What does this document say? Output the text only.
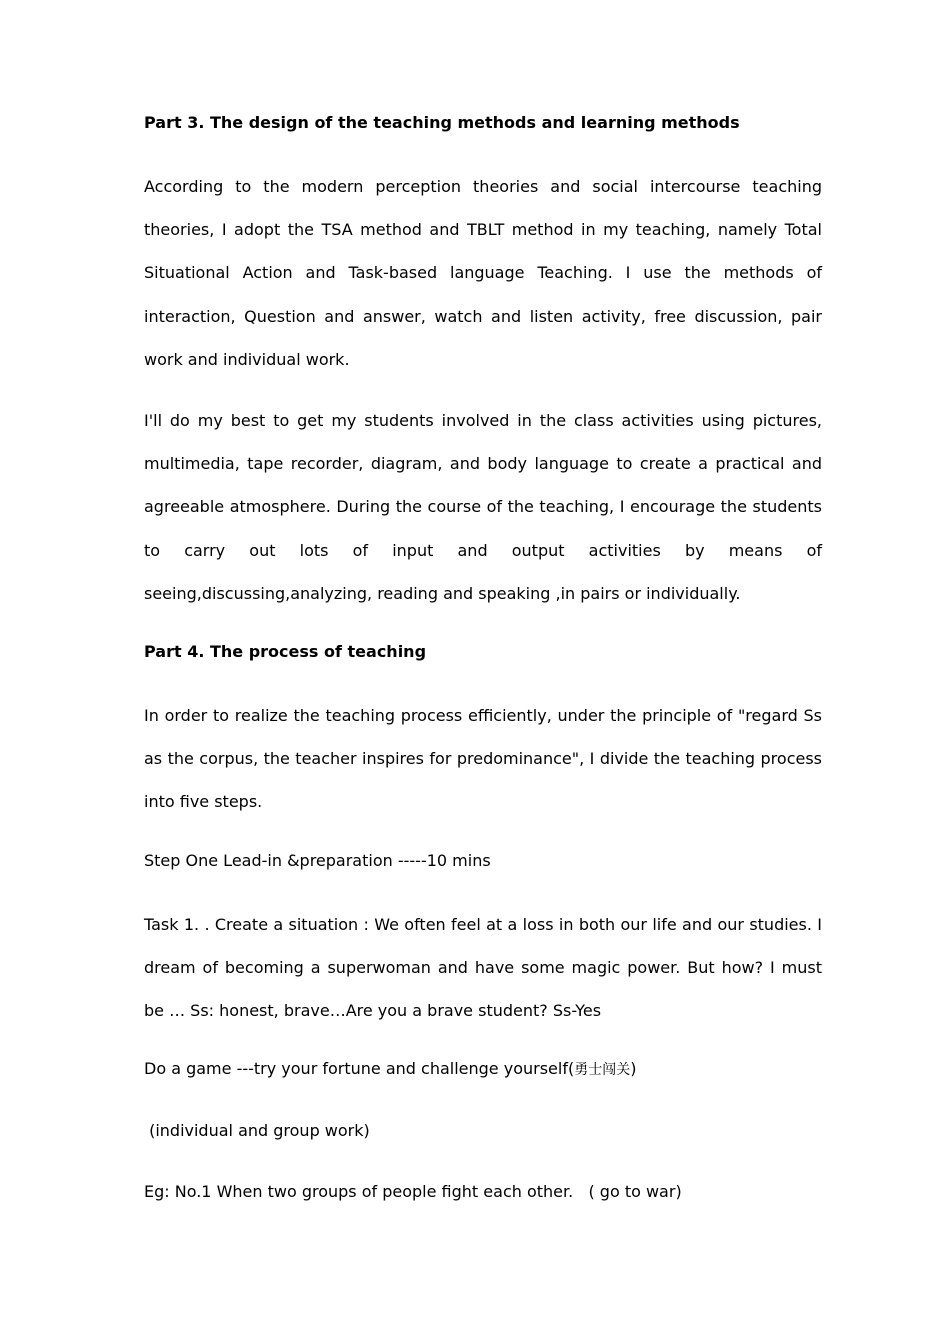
Part 3. The design of the teaching methods and learning methods
According to the modern perception theories and social intercourse teaching theories, I adopt the TSA method and TBLT method in my teaching, namely Total Situational Action and Task-based language Teaching. I use the methods of interaction, Question and answer, watch and listen activity, free discussion, pair work and individual work.
I'll do my best to get my students involved in the class activities using pictures, multimedia, tape recorder, diagram, and body language to create a practical and agreeable atmosphere. During the course of the teaching, I encourage the students to carry out lots of input and output activities by means of seeing,discussing,analyzing, reading and speaking ,in pairs or individually.
Part 4. The process of teaching
In order to realize the teaching process efficiently, under the principle of "regard Ss as the corpus, the teacher inspires for predominance", I divide the teaching process into five steps.
Step One Lead-in &preparation -----10 mins
Task 1. . Create a situation : We often feel at a loss in both our life and our studies. I dream of becoming a superwoman and have some magic power. But how? I must be … Ss: honest, brave…Are you a brave student? Ss-Yes
Do a game ---try your fortune and challenge yourself(勇士闯关)
(individual and group work)
Eg: No.1 When two groups of people fight each other.   ( go to war)
